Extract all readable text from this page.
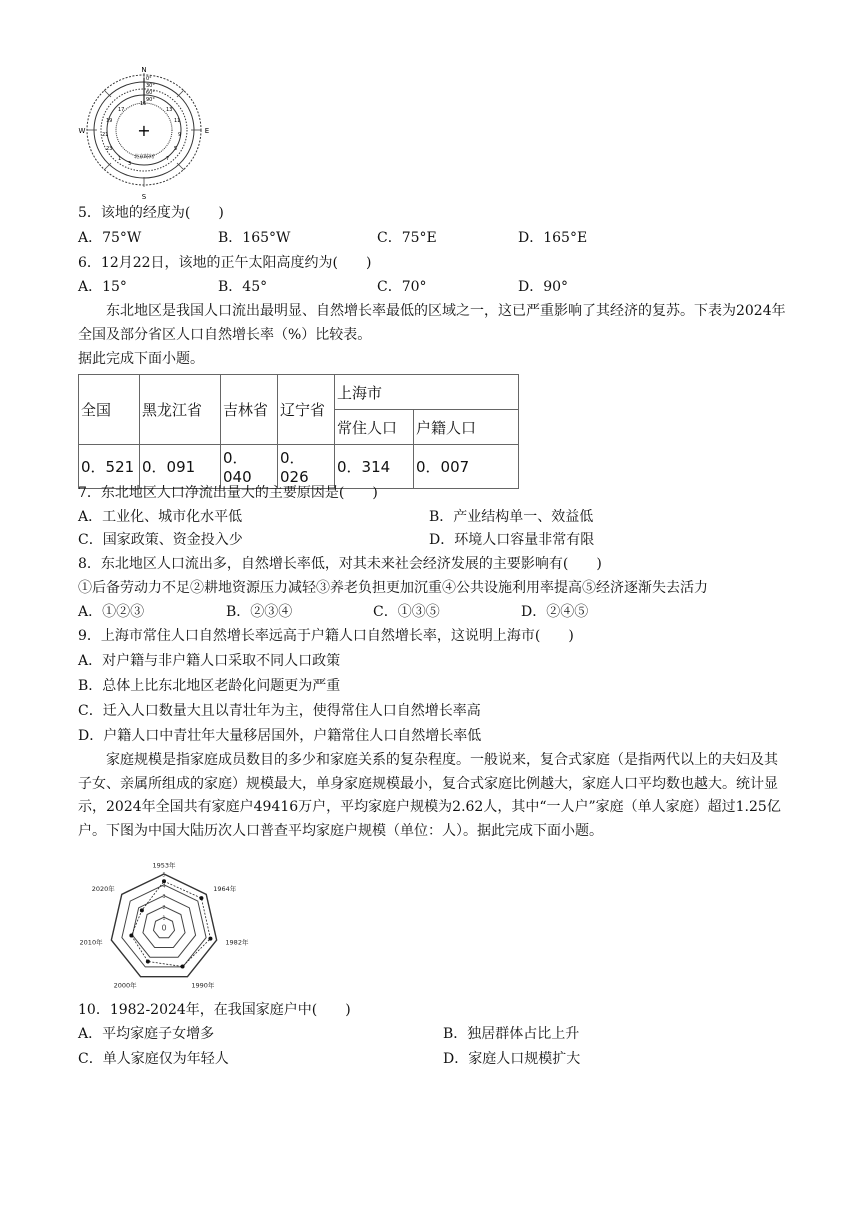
N
S
W	E
+
0°
30°
60°
90°
15
17
19
21
23
11
13
9
1
3
5
7
北京时间
5．该地的经度为(　　)
A．75°W	B．165°W	C．75°E	D．165°E
6．12月22日，该地的正午太阳高度约为(　　)
A．15°	B．45°	C．70°	D．90°
东北地区是我国人口流出最明显、自然增长率最低的区域之一，这已严重影响了其经济的复苏。下表为2024年全国及部分省区人口自然增长率（%）比较表。
据此完成下面小题。
全国	黑龙江省	吉林省	辽宁省	上海市	
				常住人口	户籍人口
0．521	0．091	0．040	0．026	0．314	0．007
7．东北地区人口净流出量大的主要原因是(　　)
A．工业化、城市化水平低	B．产业结构单一、效益低
C．国家政策、资金投入少	D．环境人口容量非常有限
8．东北地区人口流出多，自然增长率低，对其未来社会经济发展的主要影响有(　　)
①后备劳动力不足②耕地资源压力减轻③养老负担更加沉重④公共设施利用率提高⑤经济逐渐失去活力
A．①②③	B．②③④	C．①③⑤	D．②④⑤
9．上海市常住人口自然增长率远高于户籍人口自然增长率，这说明上海市(　　)
A．对户籍与非户籍人口采取不同人口政策
B．总体上比东北地区老龄化问题更为严重
C．迁入人口数量大且以青壮年为主，使得常住人口自然增长率高
D．户籍人口中青壮年大量移居国外，户籍常住人口自然增长率低
家庭规模是指家庭成员数目的多少和家庭关系的复杂程度。一般说来，复合式家庭（是指两代以上的夫妇及其子女、亲属所组成的家庭）规模最大，单身家庭规模最小，复合式家庭比例越大，家庭人口平均数也越大。统计显示，2024年全国共有家庭户49416万户，平均家庭户规模为2.62人，其中“一人户”家庭（单人家庭）超过1.25亿户。下图为中国大陆历次人口普查平均家庭户规模（单位：人）。据此完成下面小题。
0
1
2
3
4
5
1953年
1964年
1982年
1990年
2000年
2010年
2020年
10．1982-2024年，在我国家庭户中(　　)
A．平均家庭子女增多	B．独居群体占比上升
C．单人家庭仅为年轻人	D．家庭人口规模扩大
